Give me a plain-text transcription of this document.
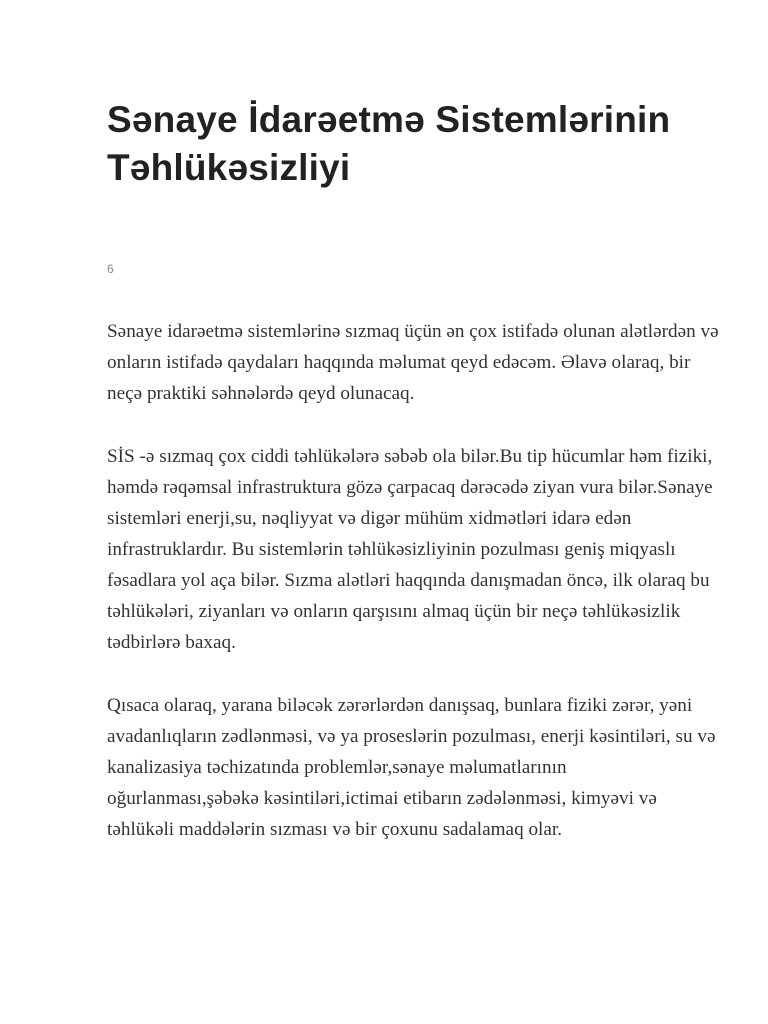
Sənaye İdarəetmə Sistemlərinin Təhlükəsizliyi
6

Sənaye idarəetmə sistemlərinə sızmaq üçün ən çox istifadə olunan alətlərdən və onların istifadə qaydaları haqqında məlumat qeyd edəcəm. Əlavə olaraq, bir neçə praktiki səhnələrdə qeyd olunacaq.

SİS -ə sızmaq çox ciddi təhlükələrə səbəb ola bilər.Bu tip hücumlar həm fiziki, həmdə rəqəmsal infrastruktura gözə çarpacaq dərəcədə ziyan vura bilər.Sənaye sistemləri enerji,su, nəqliyyat və digər mühüm xidmətləri idarə edən infrastruklardır. Bu sistemlərin təhlükəsizliyinin pozulması geniş miqyaslı fəsadlara yol aça bilər. Sızma alətləri haqqında danışmadan öncə, ilk olaraq bu təhlükələri, ziyanları və onların qarşısını almaq üçün bir neçə təhlükəsizlik tədbirlərə baxaq.

Qısaca olaraq, yarana biləcək zərərlərdən danışsaq, bunlara fiziki zərər, yəni avadanlıqların zədlənməsi, və ya proseslərin pozulması, enerji kəsintiləri, su və kanalizasiya təchizatında problemlər,sənaye məlumatlarının oğurlanması,şəbəkə kəsintiləri,ictimai etibarın zədələnməsi, kimyəvi və təhlükəli maddələrin sızması və bir çoxunu sadalamaq olar.
